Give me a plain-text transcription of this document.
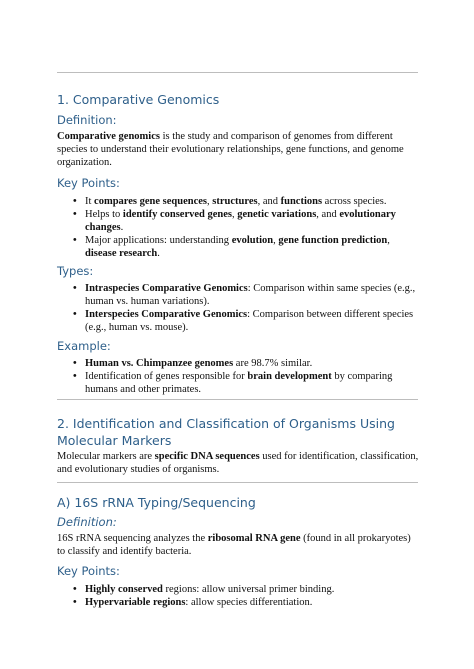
1. Comparative Genomics
Definition:

Comparative genomics is the study and comparison of genomes from different species to understand their evolutionary relationships, gene functions, and genome organization.

Key Points:
• It compares gene sequences, structures, and functions across species.
• Helps to identify conserved genes, genetic variations, and evolutionary changes.
• Major applications: understanding evolution, gene function prediction, disease research.
Types:
• Intraspecies Comparative Genomics: Comparison within same species (e.g., human vs. human variations).
• Interspecies Comparative Genomics: Comparison between different species (e.g., human vs. mouse).
Example:
• Human vs. Chimpanzee genomes are 98.7% similar.
• Identification of genes responsible for brain development by comparing humans and other primates.
2. Identification and Classification of Organisms Using Molecular Markers

Molecular markers are specific DNA sequences used for identification, classification, and evolutionary studies of organisms.

A) 16S rRNA Typing/Sequencing
Definition:

16S rRNA sequencing analyzes the ribosomal RNA gene (found in all prokaryotes) to classify and identify bacteria.

Key Points:
• Highly conserved regions: allow universal primer binding.
• Hypervariable regions: allow species differentiation.
